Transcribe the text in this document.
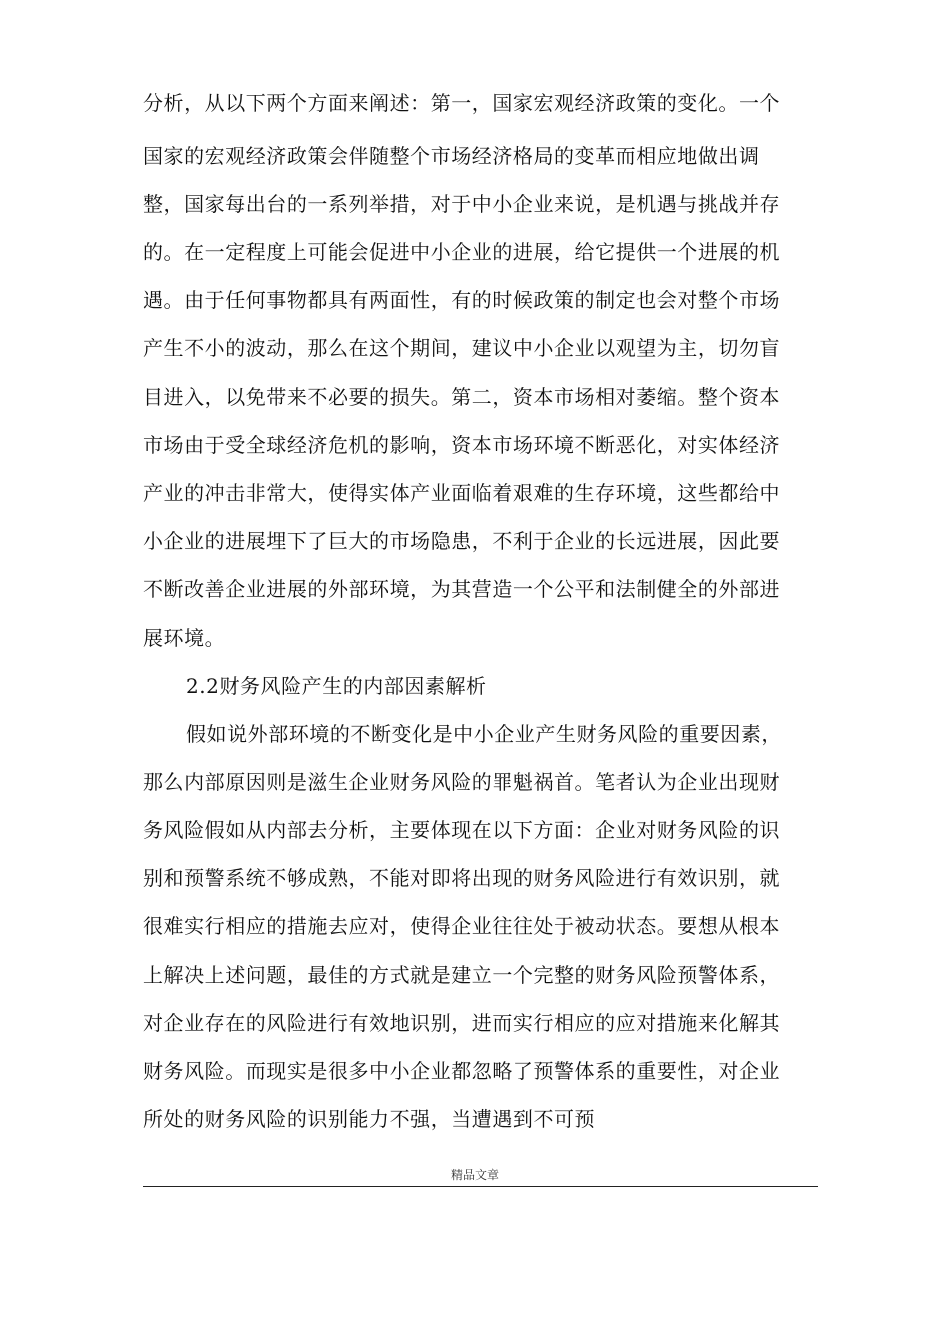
分析，从以下两个方面来阐述：第一，国家宏观经济政策的变化。一个
国家的宏观经济政策会伴随整个市场经济格局的变革而相应地做出调
整，国家每出台的一系列举措，对于中小企业来说，是机遇与挑战并存
的。在一定程度上可能会促进中小企业的进展，给它提供一个进展的机
遇。由于任何事物都具有两面性，有的时候政策的制定也会对整个市场
产生不小的波动，那么在这个期间，建议中小企业以观望为主，切勿盲
目进入，以免带来不必要的损失。第二，资本市场相对萎缩。整个资本
市场由于受全球经济危机的影响，资本市场环境不断恶化，对实体经济
产业的冲击非常大，使得实体产业面临着艰难的生存环境，这些都给中
小企业的进展埋下了巨大的市场隐患，不利于企业的长远进展，因此要
不断改善企业进展的外部环境，为其营造一个公平和法制健全的外部进
展环境。
2.2财务风险产生的内部因素解析
假如说外部环境的不断变化是中小企业产生财务风险的重要因素，
那么内部原因则是滋生企业财务风险的罪魁祸首。笔者认为企业出现财
务风险假如从内部去分析，主要体现在以下方面：企业对财务风险的识
别和预警系统不够成熟，不能对即将出现的财务风险进行有效识别，就
很难实行相应的措施去应对，使得企业往往处于被动状态。要想从根本
上解决上述问题，最佳的方式就是建立一个完整的财务风险预警体系，
对企业存在的风险进行有效地识别，进而实行相应的应对措施来化解其
财务风险。而现实是很多中小企业都忽略了预警体系的重要性，对企业
所处的财务风险的识别能力不强，当遭遇到不可预
精品文章
